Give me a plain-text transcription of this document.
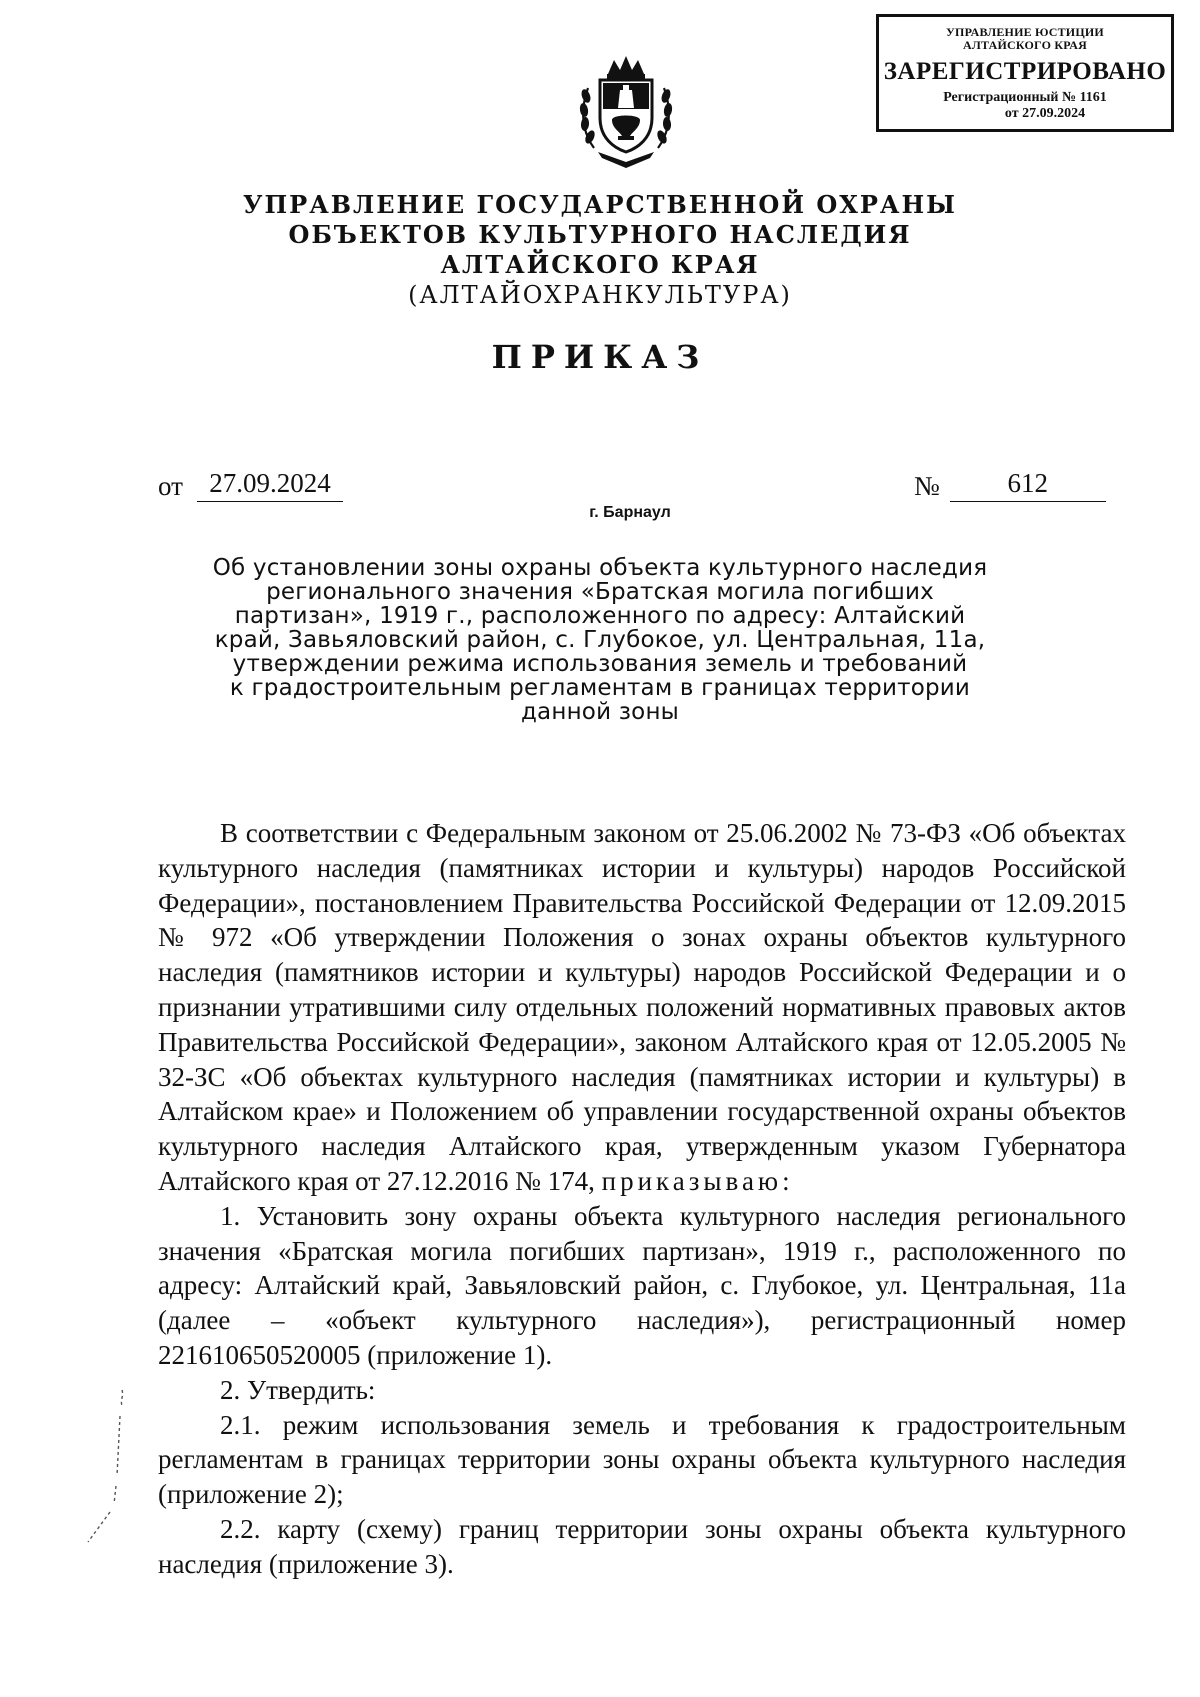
УПРАВЛЕНИЕ ЮСТИЦИИ
АЛТАЙСКОГО КРАЯ
ЗАРЕГИСТРИРОВАНО
Регистрационный № 1161
от 27.09.2024
УПРАВЛЕНИЕ ГОСУДАРСТВЕННОЙ ОХРАНЫ
ОБЪЕКТОВ КУЛЬТУРНОГО НАСЛЕДИЯ
АЛТАЙСКОГО КРАЯ
(АЛТАЙОХРАНКУЛЬТУРА)
ПРИКАЗ
от 27.09.2024	№	612
г. Барнаул
Об установлении зоны охраны объекта культурного наследия
регионального значения «Братская могила погибших
партизан», 1919 г., расположенного по адресу: Алтайский
край, Завьяловский район, с. Глубокое, ул. Центральная, 11а,
утверждении режима использования земель и требований
к градостроительным регламентам в границах территории
данной зоны

В соответствии с Федеральным законом от 25.06.2002 № 73-ФЗ «Об объектах культурного наследия (памятниках истории и культуры) народов Российской Федерации», постановлением Правительства Российской Федерации от 12.09.2015 № 972 «Об утверждении Положения о зонах охраны объектов культурного наследия (памятников истории и культуры) народов Российской Федерации и о признании утратившими силу отдельных положений нормативных правовых актов Правительства Российской Федерации», законом Алтайского края от 12.05.2005 № 32-ЗС «Об объектах культурного наследия (памятниках истории и культуры) в Алтайском крае» и Положением об управлении государственной охраны объектов культурного наследия Алтайского края, утвержденным указом Губернатора Алтайского края от 27.12.2016 № 174, приказываю:

1. Установить зону охраны объекта культурного наследия регионального значения «Братская могила погибших партизан», 1919 г., расположенного по адресу: Алтайский край, Завьяловский район, с. Глубокое, ул. Центральная, 11а (далее – «объект культурного наследия»), регистрационный номер 221610650520005 (приложение 1).

2. Утвердить:

2.1. режим использования земель и требования к градостроительным регламентам в границах территории зоны охраны объекта культурного наследия (приложение 2);

2.2. карту (схему) границ территории зоны охраны объекта культурного наследия (приложение 3).
